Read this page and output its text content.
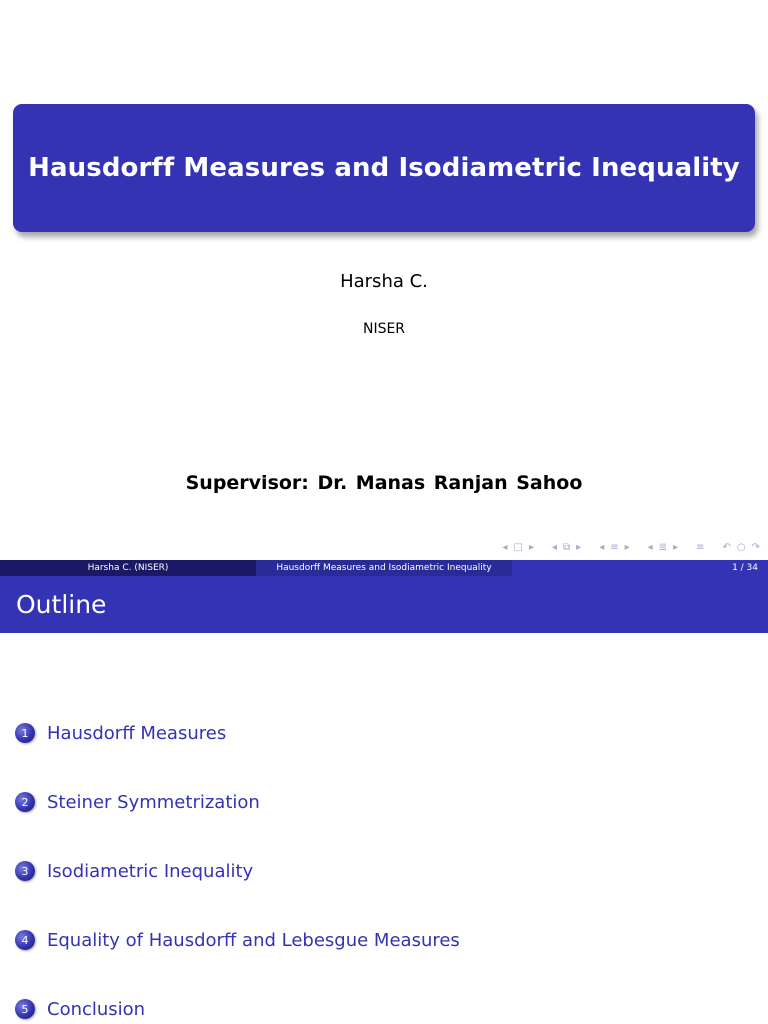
Hausdorff Measures and Isodiametric Inequality
Harsha C.
NISER
Supervisor: Dr. Manas Ranjan Sahoo
◂ □ ▸ ◂ ⧉ ▸ ◂ ≡ ▸ ◂ ≣ ▸ ≡ ↶ ○ ↷
Harsha C. (NISER)	Hausdorff Measures and Isodiametric Inequality	1 / 34
Outline
1	Hausdorff Measures
2	Steiner Symmetrization
3	Isodiametric Inequality
4	Equality of Hausdorff and Lebesgue Measures
5	Conclusion
